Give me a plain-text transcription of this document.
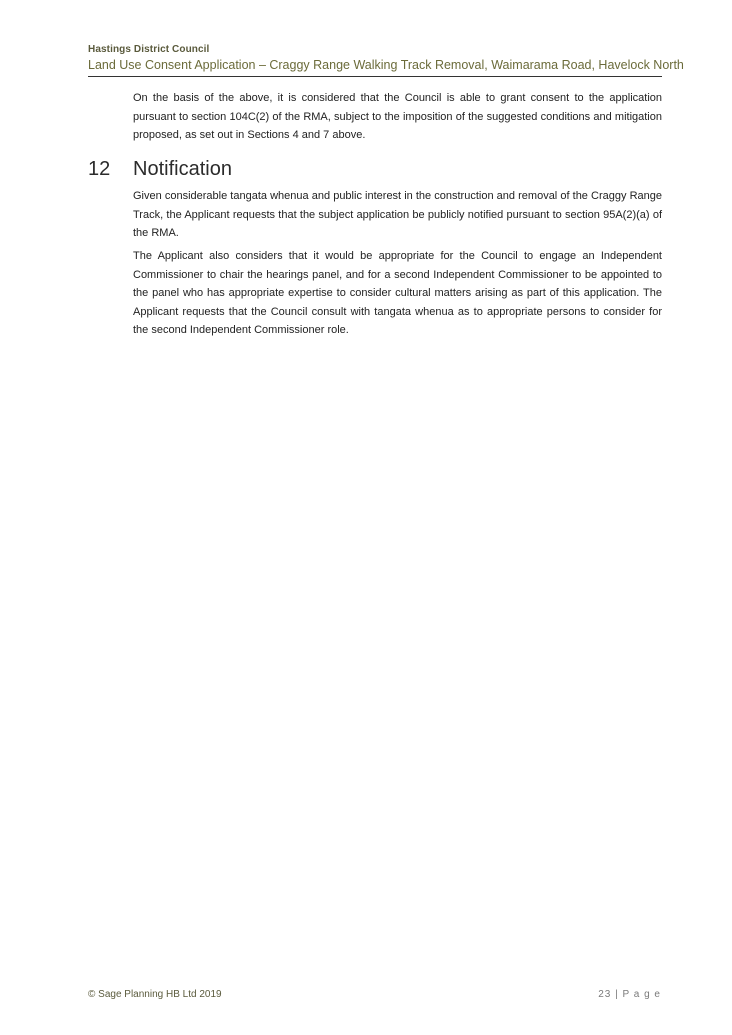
Hastings District Council
Land Use Consent Application – Craggy Range Walking Track Removal, Waimarama Road, Havelock North

On the basis of the above, it is considered that the Council is able to grant consent to the application pursuant to section 104C(2) of the RMA, subject to the imposition of the suggested conditions and mitigation proposed, as set out in Sections 4 and 7 above.

12 Notification

Given considerable tangata whenua and public interest in the construction and removal of the Craggy Range Track, the Applicant requests that the subject application be publicly notified pursuant to section 95A(2)(a) of the RMA.

The Applicant also considers that it would be appropriate for the Council to engage an Independent Commissioner to chair the hearings panel, and for a second Independent Commissioner to be appointed to the panel who has appropriate expertise to consider cultural matters arising as part of this application. The Applicant requests that the Council consult with tangata whenua as to appropriate persons to consider for the second Independent Commissioner role.

© Sage Planning HB Ltd 2019	23 | P a g e
